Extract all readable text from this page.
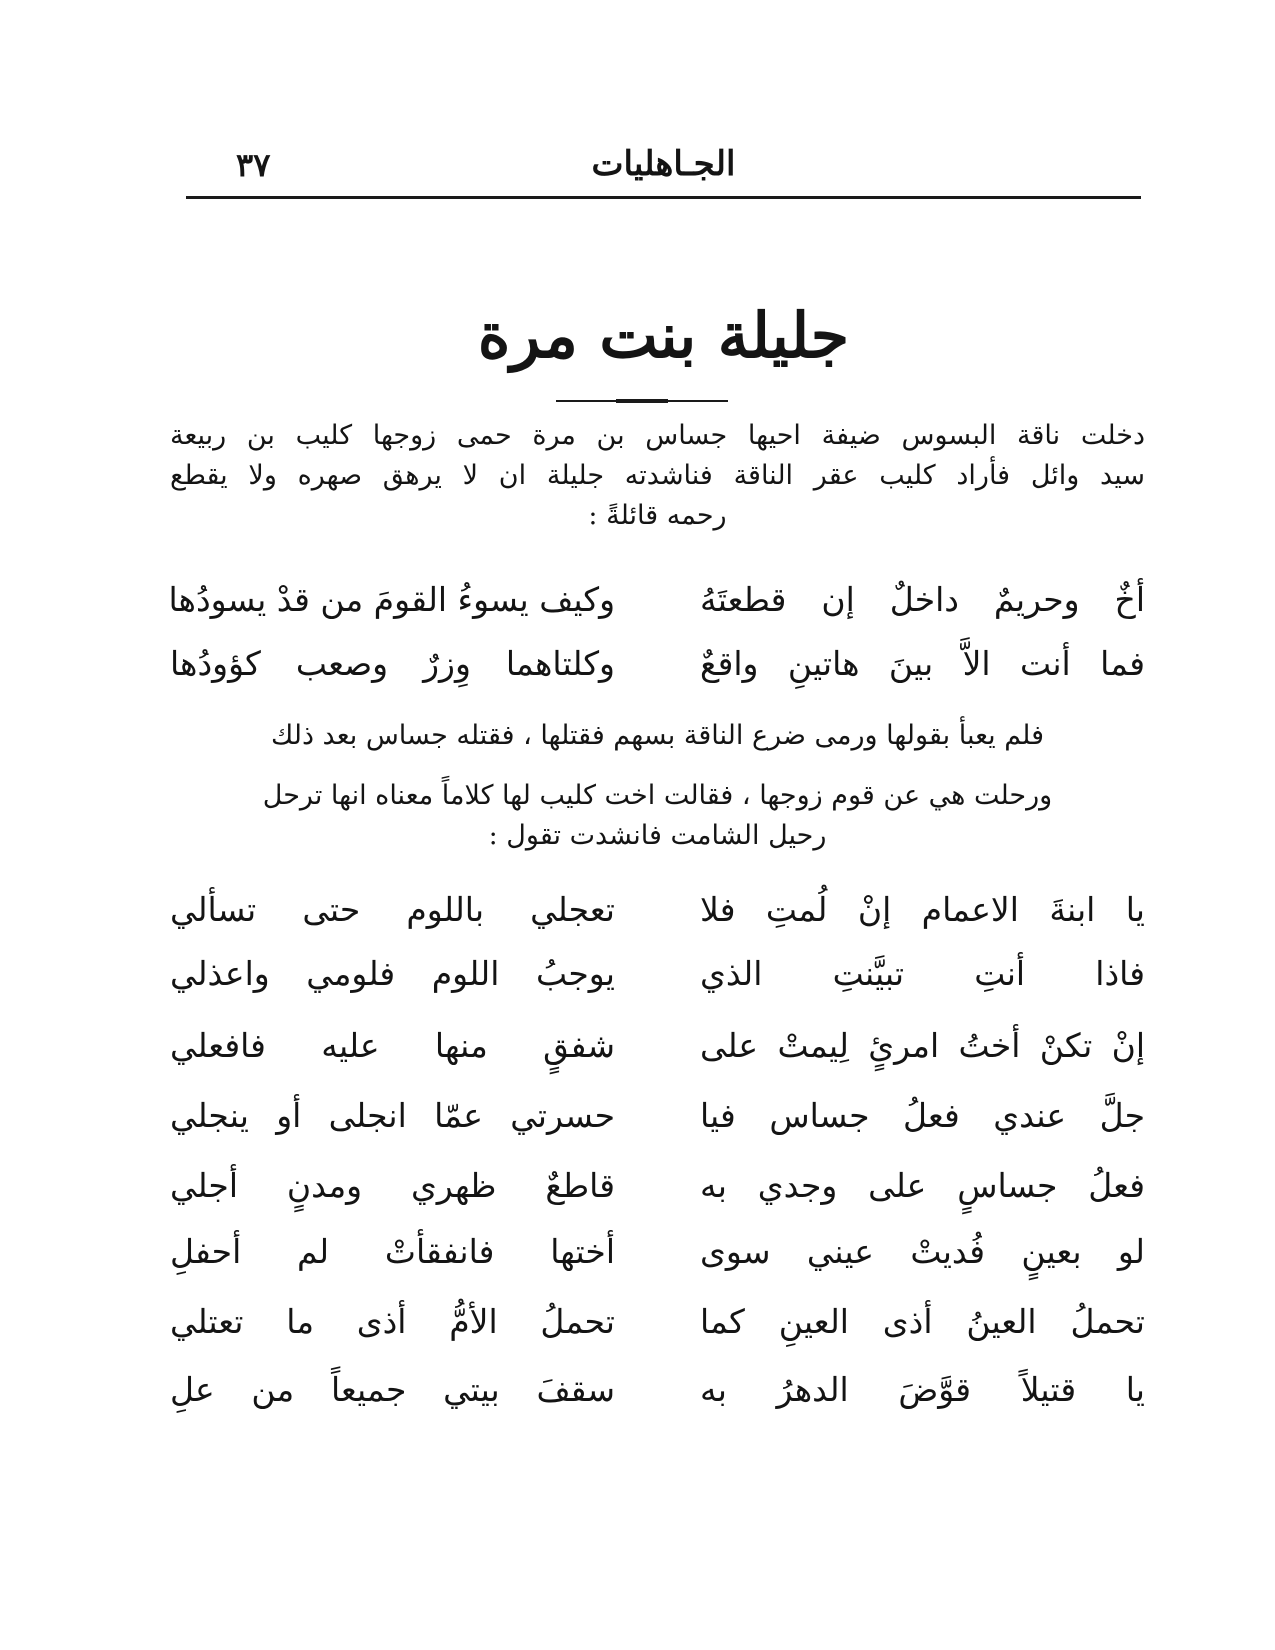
الجـاهليات
٣٧
جليلة بنت مرة
دخلت ناقة البسوس ضيفة احيها جساس بن مرة حمى زوجها كليب بن ربيعة
سيد وائل فأراد كليب عقر الناقة فناشدته جليلة ان لا يرهق صهره ولا يقطع
رحمه قائلةً :
أخٌ وحريمٌ داخلٌ إن قطعتَهُ
وكيف يسوءُ القومَ من قدْ يسودُها
فما أنت الاَّ بينَ هاتينِ واقعٌ
وكلتاهما وِزرٌ وصعب كؤودُها
فلم يعبأ بقولها ورمى ضرع الناقة بسهم فقتلها ، فقتله جساس بعد ذلك
ورحلت هي عن قوم زوجها ، فقالت اخت كليب لها كلاماً معناه انها ترحل
رحيل الشامت فانشدت تقول :
يا ابنةَ الاعمام إنْ لُمتِ فلا
تعجلي باللوم حتى تسألي
فاذا أنتِ تبيَّنتِ الذي
يوجبُ اللوم فلومي واعذلي
إنْ تكنْ أختُ امرئٍ لِيمتْ على
شفقٍ منها عليه فافعلي
جلَّ عندي فعلُ جساس فيا
حسرتي عمّا انجلى أو ينجلي
فعلُ جساسٍ على وجدي به
قاطعٌ ظهري ومدنٍ أجلي
لو بعينٍ فُديتْ عيني سوى
أختها فانفقأتْ لم أحفلِ
تحملُ العينُ أذى العينِ كما
تحملُ الأمُّ أذى ما تعتلي
يا قتيلاً قوَّضَ الدهرُ به
سقفَ بيتي جميعاً من علِ
